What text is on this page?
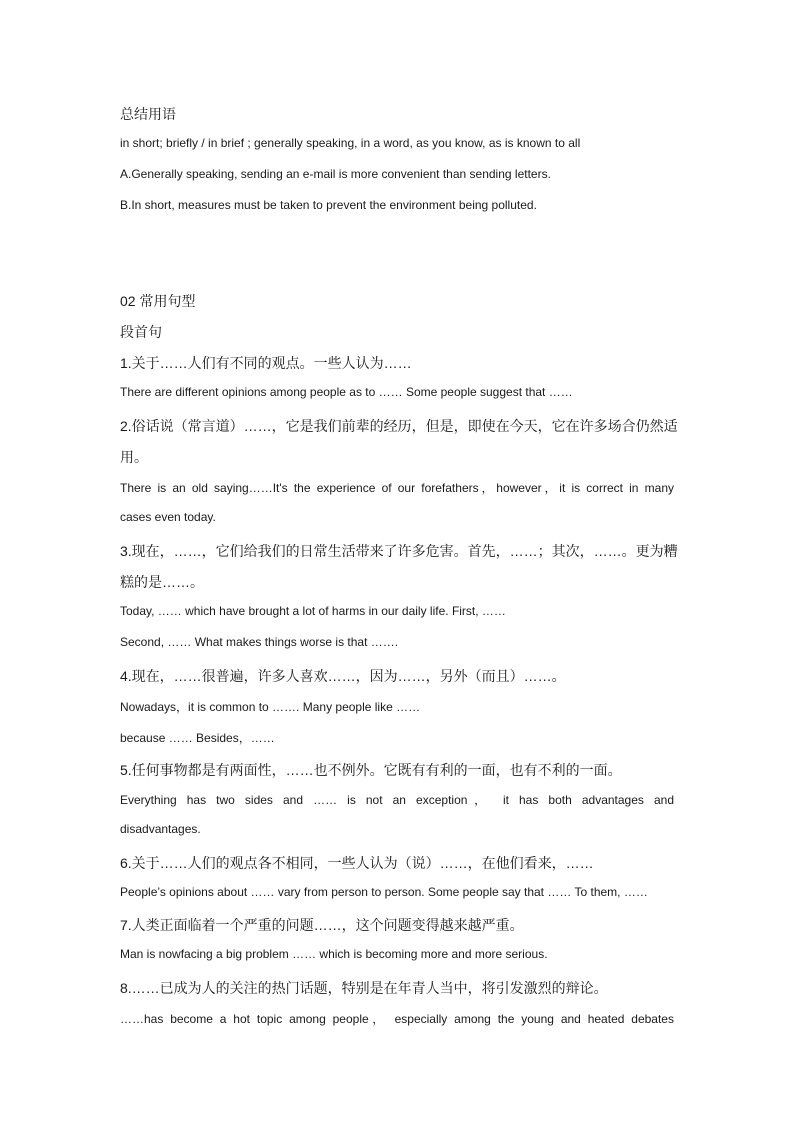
总结用语
in short; briefly / in brief ; generally speaking, in a word, as you know, as is known to all
A.Generally speaking, sending an e-mail is more convenient than sending letters.
B.In short, measures must be taken to prevent the environment being polluted.
02 常用句型
段首句
1.关于……人们有不同的观点。一些人认为……
There are different opinions among people as to …… Some people suggest that ……
2.俗话说（常言道）……，它是我们前辈的经历，但是，即使在今天，它在许多场合仍然适
用。
There is an old saying……It's the experience of our forefathers，however，it is correct in many
cases even today.
3.现在，……，它们给我们的日常生活带来了许多危害。首先，……；其次，……。更为糟
糕的是……。
Today, …… which have brought a lot of harms in our daily life. First, ……
Second, …… What makes things worse is that …….
4.现在，……很普遍，许多人喜欢……，因为……，另外（而且）……。
Nowadays，it is common to ……. Many people like ……
because …… Besides，……
5.任何事物都是有两面性，……也不例外。它既有有利的一面，也有不利的一面。
Everything has two sides and …… is not an exception， it has both advantages and
disadvantages.
6.关于……人们的观点各不相同，一些人认为（说）……，在他们看来，……
People’s opinions about …… vary from person to person. Some people say that …… To them, ……
7.人类正面临着一个严重的问题……，这个问题变得越来越严重。
Man is nowfacing a big problem …… which is becoming more and more serious.
8.……已成为人的关注的热门话题，特别是在年青人当中，将引发激烈的辩论。
……has become a hot topic among people， especially among the young and heated debates
